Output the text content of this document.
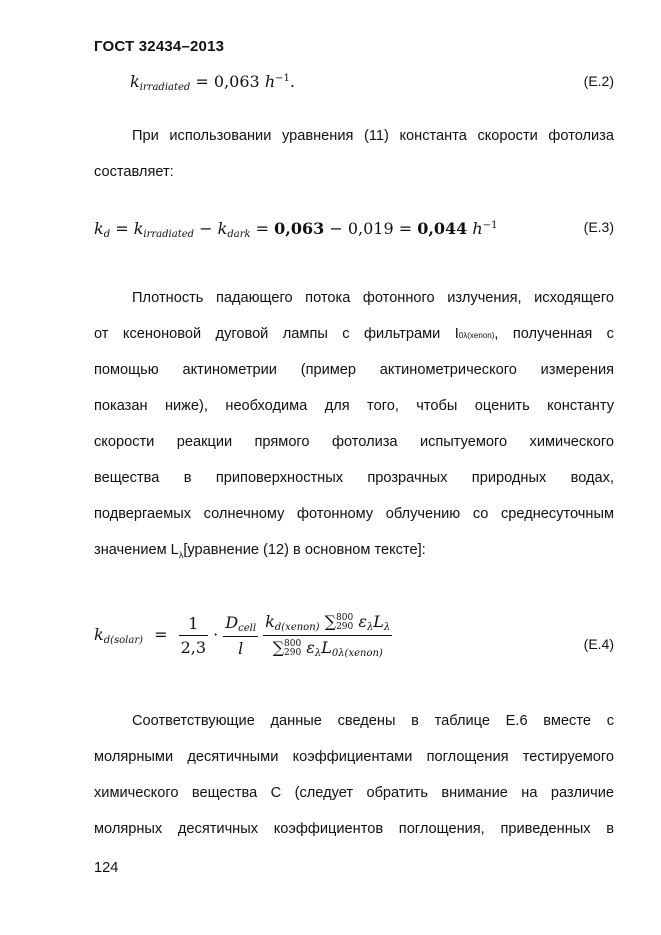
ГОСТ 32434–2013
$k_{irradiated} = 0,063$ $h^{-1}$.	(E.2)
При использовании уравнения (11) константа скорости фотолиза
составляет:
$k_d = k_{irradiated} - k_{dark} = 0,063 - 0,019 = 0,044$ $h^{-1}$	(E.3)
Плотность падающего потока фотонного излучения, исходящего
от ксеноновой дуговой лампы с фильтрами I0λ(xenon), полученная с
помощью актинометрии (пример актинометрического измерения
показан ниже), необходима для того, чтобы оценить константу
скорости реакции прямого фотолиза испытуемого химического
вещества в приповерхностных прозрачных природных водах,
подвергаемых солнечному фотонному облучению со среднесуточным
значением $L_\lambda[уравнение$ (12) в основном тексте]:
$k_{d(solar)} = \frac{1}{2,3} \cdot \frac{D_{cell}}{l}$
$k_{d(xenon)}$ ∑ 800
290 $\varepsilon_\lambda L_\lambda$
∑ 800
290 $\varepsilon_\lambda L_{0\lambda(xenon)}$	(E.4)
Соответствующие данные сведены в таблице Е.6 вместе с
молярными десятичными коэффициентами поглощения тестируемого
химического вещества С (следует обратить внимание на различие
молярных десятичных коэффициентов поглощения, приведенных в
124
